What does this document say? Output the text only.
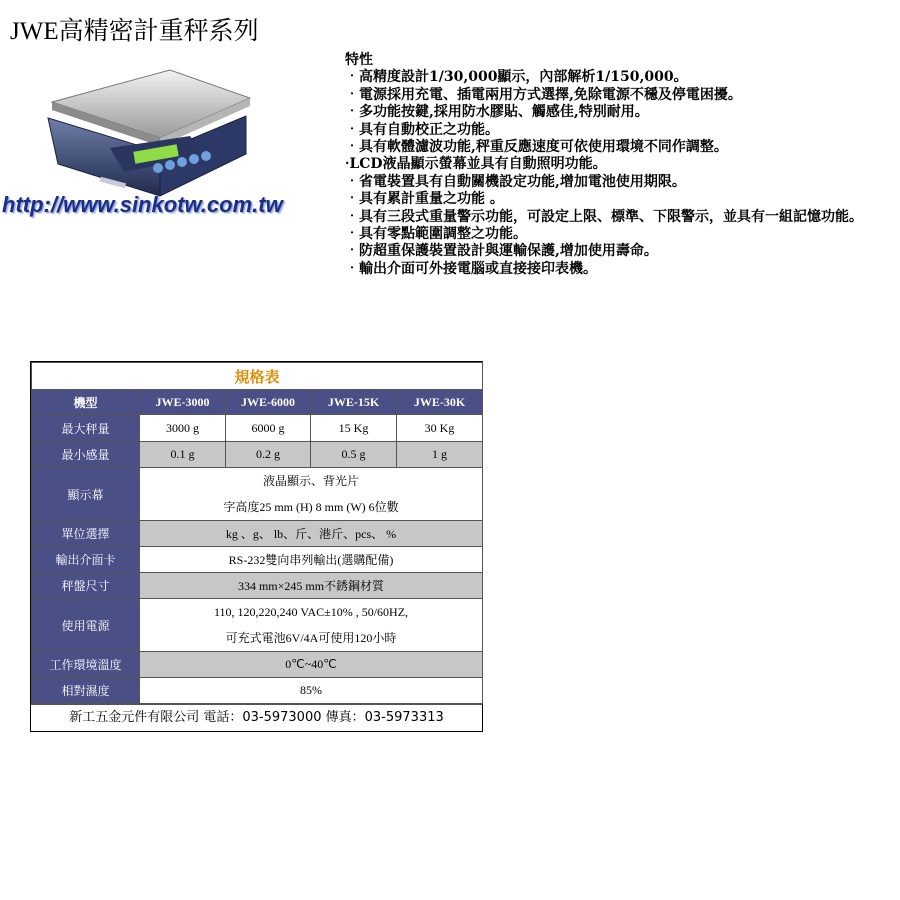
JWE高精密計重秤系列
http://www.sinkotw.com.tw
特性
‧高精度設計1/30,000顯示，內部解析1/150,000。
‧電源採用充電、插電兩用方式選擇,免除電源不穩及停電困擾。
‧多功能按鍵,採用防水膠貼、觸感佳,特別耐用。
‧具有自動校正之功能。
‧具有軟體濾波功能,秤重反應速度可依使用環境不同作調整。
‧LCD液晶顯示螢幕並具有自動照明功能。
‧省電裝置具有自動關機設定功能,增加電池使用期限。
‧具有累計重量之功能 。
‧具有三段式重量警示功能，可設定上限、標準、下限警示，並具有一組記憶功能。
‧具有零點範圍調整之功能。
‧防超重保護裝置設計與運輸保護,增加使用壽命。
‧輸出介面可外接電腦或直接接印表機。
規格表				
機型	JWE-3000	JWE-6000	JWE-15K	JWE-30K
最大秤量	3000 g	6000 g	15 Kg	30 Kg
最小感量	0.1 g	0.2 g	0.5 g	1 g
顯示幕	液晶顯示、背光片
字高度25 mm (H) 8 mm (W) 6位數			

單位選擇	kg 、g、 lb、斤、港斤、pcs、 %			
輸出介面卡	RS-232雙向串列輸出(選購配備)			
秤盤尺寸	334 mm×245 mm不銹鋼材質			
使用電源	110, 120,220,240 VAC±10% , 50/60HZ,
可充式電池6V/4A可使用120小時			

工作環境溫度	0℃~40℃			
相對濕度	85%			
新工五金元件有限公司 電話：03-5973000 傳真：03-5973313
